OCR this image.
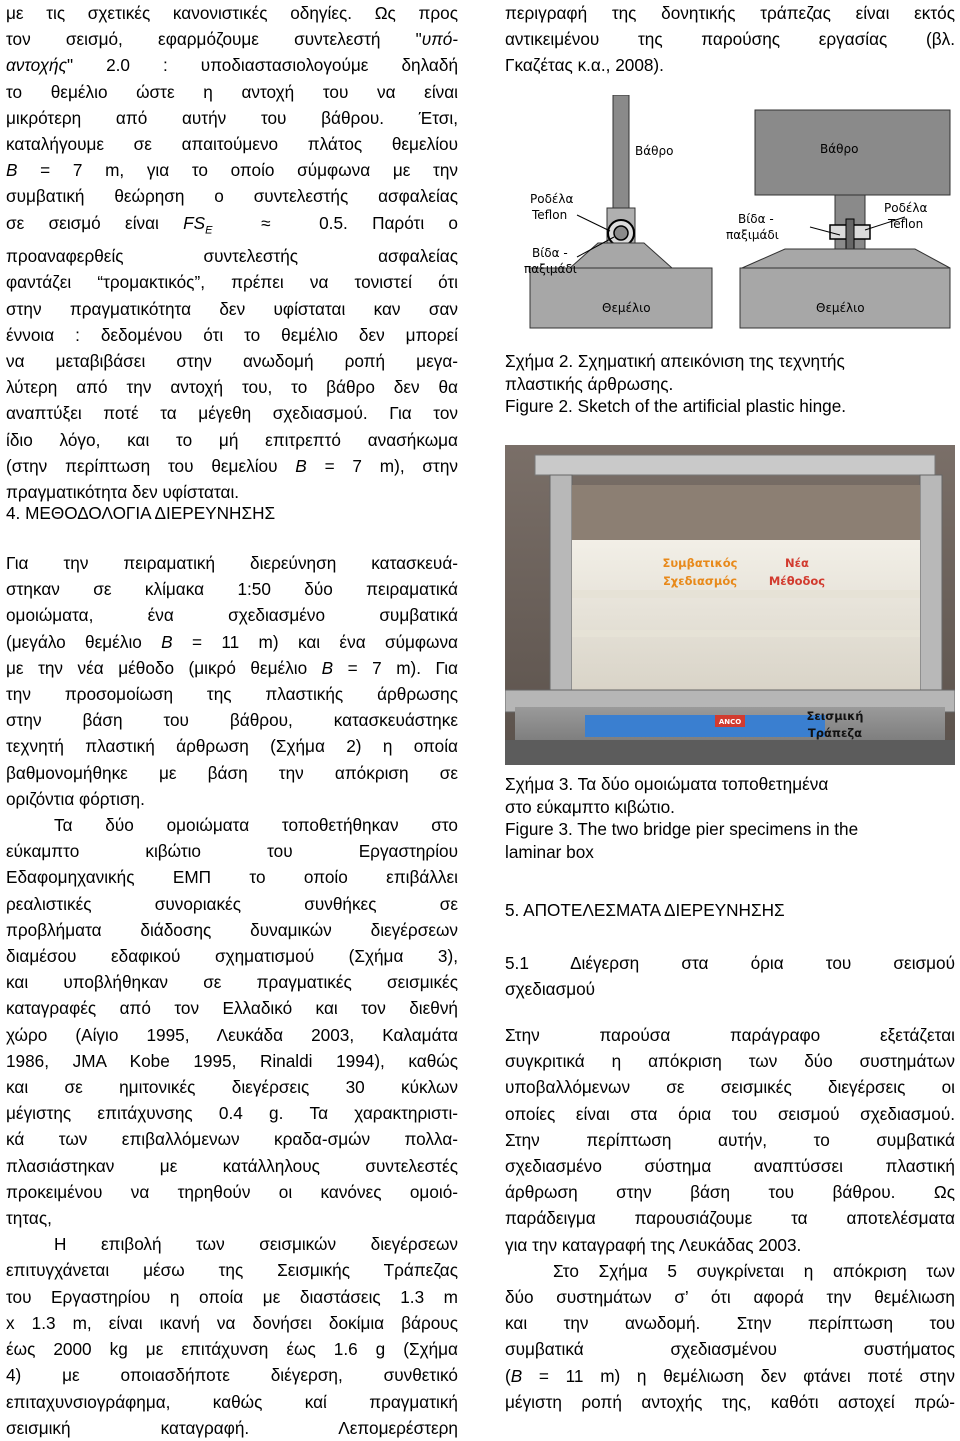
με τις σχετικές κανονιστικές οδηγίες. Ως προς
τον σεισμό, εφαρμόζουμε συντελεστή "υπό-
αντοχής" 2.0 : υποδιαστασιολογούμε δηλαδή
το θεμέλιο ώστε η αντοχή του να είναι
μικρότερη από αυτήν του βάθρου. Έτσι,
καταλήγουμε σε απαιτούμενο πλάτος θεμελίου
B = 7 m, για το οποίο σύμφωνα με την
συμβατική θεώρηση ο συντελεστής ασφαλείας
σε σεισμό είναι $FS_E \approx 0.5$. Παρότι ο
προαναφερθείς συντελεστής ασφαλείας
φαντάζει “τρομακτικός”, πρέπει να τονιστεί ότι
στην πραγματικότητα δεν υφίσταται καν σαν
έννοια : δεδομένου ότι το θεμέλιο δεν μπορεί
να μεταβιβάσει στην ανωδομή ροπή μεγα-
λύτερη από την αντοχή του, το βάθρο δεν θα
αναπτύξει ποτέ τα μέγεθη σχεδιασμού. Για τον
ίδιο λόγο, και το μή επιτρεπτό ανασήκωμα
(στην περίπτωση του θεμελίου B = 7 m), στην
πραγματικότητα δεν υφίσταται.
4. ΜΕΘΟΔΟΛΟΓΙΑ ΔΙΕΡΕΥΝΗΣΗΣ
Για την πειραματική διερεύνηση κατασκευά-
στηκαν σε κλίμακα 1:50 δύο πειραματικά
ομοιώματα, ένα σχεδιασμένο συμβατικά
(μεγάλο θεμέλιο B = 11 m) και ένα σύμφωνα
με την νέα μέθοδο (μικρό θεμέλιο B = 7 m). Για
την προσομοίωση της πλαστικής άρθρωσης
στην βάση του βάθρου, κατασκευάστηκε
τεχνητή πλαστική άρθρωση (Σχήμα 2) η οποία
βαθμονομήθηκε με βάση την απόκριση σε
οριζόντια φόρτιση.
Τα δύο ομοιώματα τοποθετήθηκαν στο
εύκαμπτο κιβώτιο του Εργαστηρίου
Εδαφομηχανικής ΕΜΠ το οποίο επιβάλλει
ρεαλιστικές συνοριακές συνθήκες σε
προβλήματα διάδοσης δυναμικών διεγέρσεων
διαμέσου εδαφικού σχηματισμού (Σχήμα 3),
και υποβλήθηκαν σε πραγματικές σεισμικές
καταγραφές από τον Ελλαδικό και τον διεθνή
χώρο (Αίγιο 1995, Λευκάδα 2003, Καλαμάτα
1986, JMA Kobe 1995, Rinaldi 1994), καθώς
και σε ημιτονικές διεγέρσεις 30 κύκλων
μέγιστης επιτάχυνσης 0.4 g. Τα χαρακτηριστι-
κά των επιβαλλόμενων κραδα-σμών πολλα-
πλασιάστηκαν με κατάλληλους συντελεστές
προκειμένου να τηρηθούν οι κανόνες ομοιό-
τητας,
Η επιβολή των σεισμικών διεγέρσεων
επιτυγχάνεται μέσω της Σεισμικής Τράπεζας
του Εργαστηρίου η οποία με διαστάσεις 1.3 m
x 1.3 m, είναι ικανή να δονήσει δοκίμια βάρους
έως 2000 kg με επιτάχυνση έως 1.6 g (Σχήμα
4) με οποιασδήποτε διέγερση, συνθετικό
επιταχυνσιογράφημα, καθώς καί πραγματική
σεισμική καταγραφή. Λεπομερέστερη
περιγραφή της δονητικής τράπεζας είναι εκτός
αντικειμένου της παρούσης εργασίας (βλ.
Γκαζέτας κ.α., 2008).
Βάθρο	Βάθρο
Ροδέλα
Teflon
Βίδα -
παξιμάδι
Βίδα -
παξιμάδι
Ροδέλα
Teflon
Θεμέλιο	Θεμέλιο
Σχήμα 2. Σχηματική απεικόνιση της τεχνητής
πλαστικής άρθρωσης.
Figure 2. Sketch of the artificial plastic hinge.
ANCO
Συμβατικός
Σχεδιασμός
Νέα
Μέθοδος
Σεισμική
Τράπεζα
Σχήμα 3. Τα δύο ομοιώματα τοποθετημένα
στο εύκαμπτο κιβώτιο.
Figure 3. The two bridge pier specimens in the
laminar box
5. ΑΠΟΤΕΛΕΣΜΑΤΑ ΔΙΕΡΕΥΝΗΣΗΣ
5.1 Διέγερση στα όρια του σεισμού
σχεδιασμού
Στην παρούσα παράγραφο εξετάζεται
συγκριτικά η απόκριση των δύο συστημάτων
υποβαλλόμενων σε σεισμικές διεγέρσεις οι
οποίες είναι στα όρια του σεισμού σχεδιασμού.
Στην περίπτωση αυτήν, το συμβατικά
σχεδιασμένο σύστημα αναπτύσσει πλαστική
άρθρωση στην βάση του βάθρου. Ως
παράδειγμα παρουσιάζουμε τα αποτελέσματα
για την καταγραφή της Λευκάδας 2003.
Στο Σχήμα 5 συγκρίνεται η απόκριση των
δύο συστημάτων σ’ ότι αφορά την θεμέλιωση
και την ανωδομή. Στην περίπτωση του
συμβατικά σχεδιασμένου συστήματος
(B = 11 m) η θεμέλιωση δεν φτάνει ποτέ στην
μέγιστη ροπή αντοχής της, καθότι αστοχεί πρώ-
